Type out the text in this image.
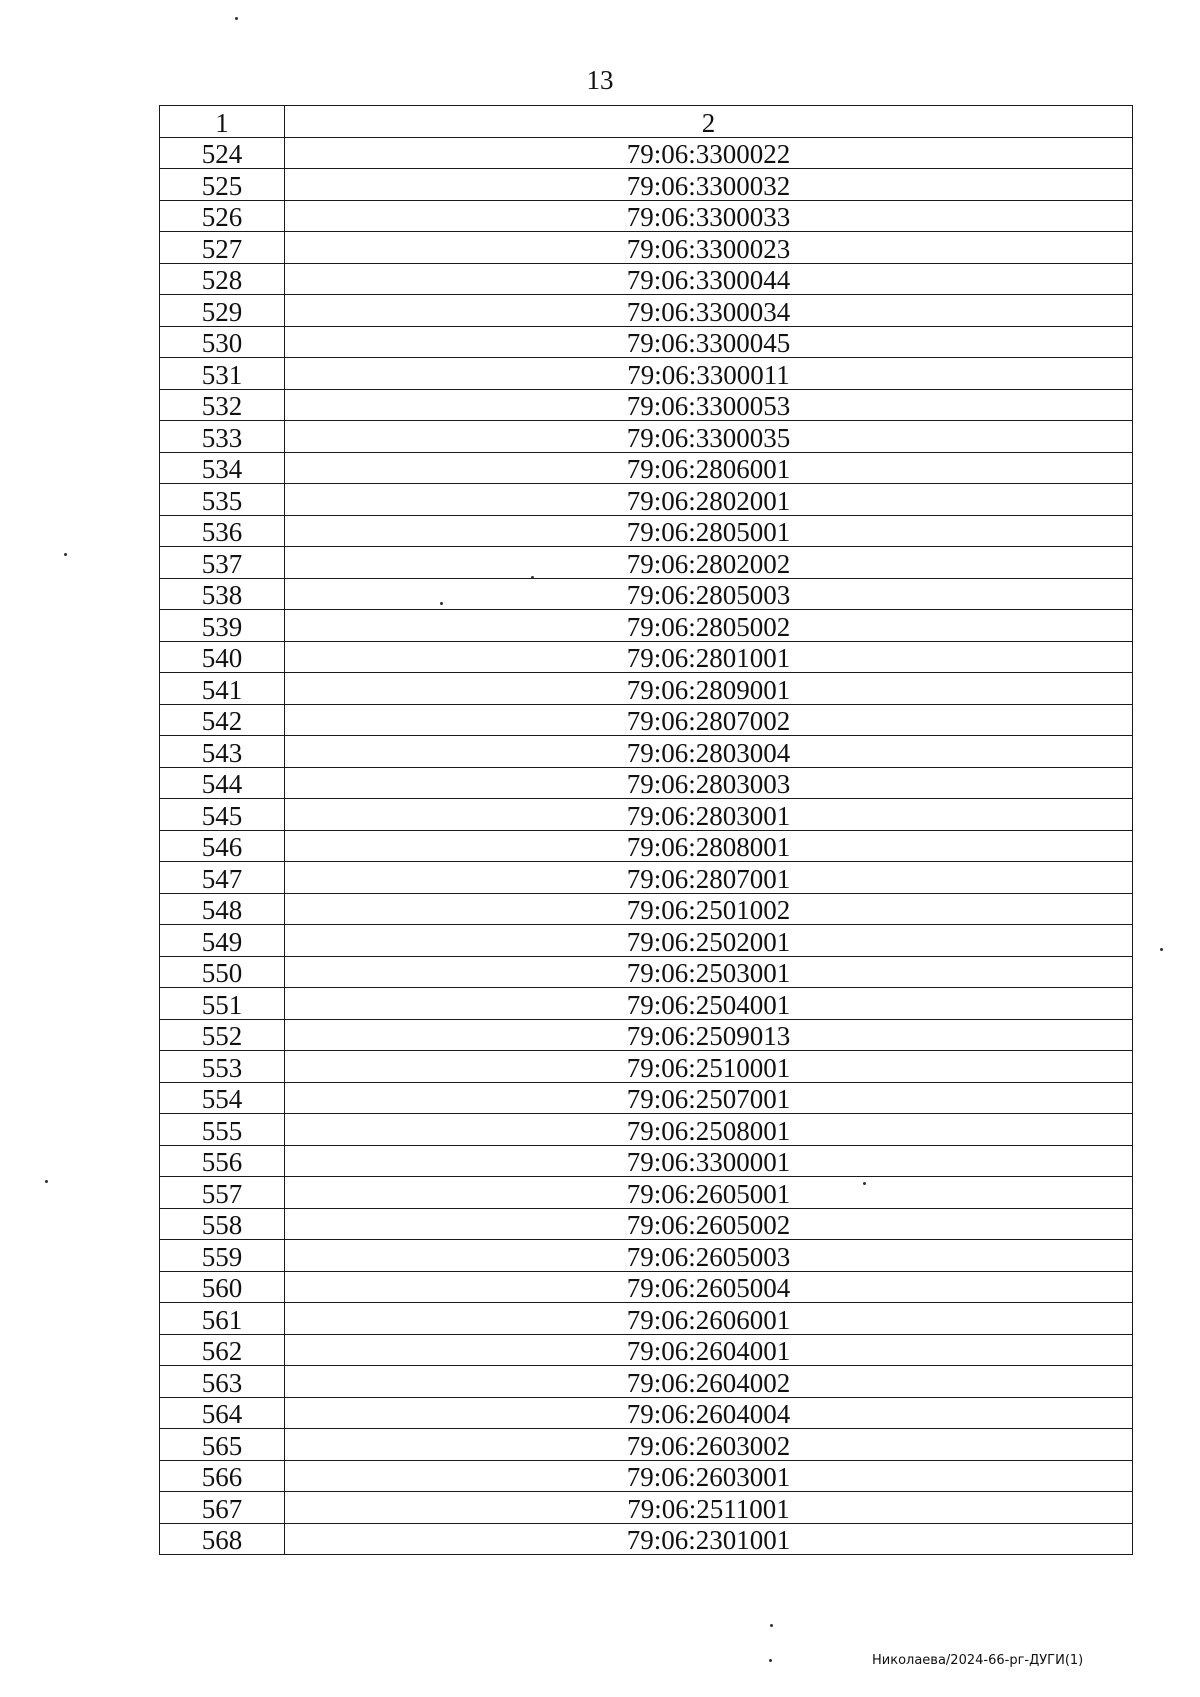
13
1	2
524	79:06:3300022
525	79:06:3300032
526	79:06:3300033
527	79:06:3300023
528	79:06:3300044
529	79:06:3300034
530	79:06:3300045
531	79:06:3300011
532	79:06:3300053
533	79:06:3300035
534	79:06:2806001
535	79:06:2802001
536	79:06:2805001
537	79:06:2802002
538	79:06:2805003
539	79:06:2805002
540	79:06:2801001
541	79:06:2809001
542	79:06:2807002
543	79:06:2803004
544	79:06:2803003
545	79:06:2803001
546	79:06:2808001
547	79:06:2807001
548	79:06:2501002
549	79:06:2502001
550	79:06:2503001
551	79:06:2504001
552	79:06:2509013
553	79:06:2510001
554	79:06:2507001
555	79:06:2508001
556	79:06:3300001
557	79:06:2605001
558	79:06:2605002
559	79:06:2605003
560	79:06:2605004
561	79:06:2606001
562	79:06:2604001
563	79:06:2604002
564	79:06:2604004
565	79:06:2603002
566	79:06:2603001
567	79:06:2511001
568	79:06:2301001
Николаева/2024-66-рг-ДУГИ(1)
